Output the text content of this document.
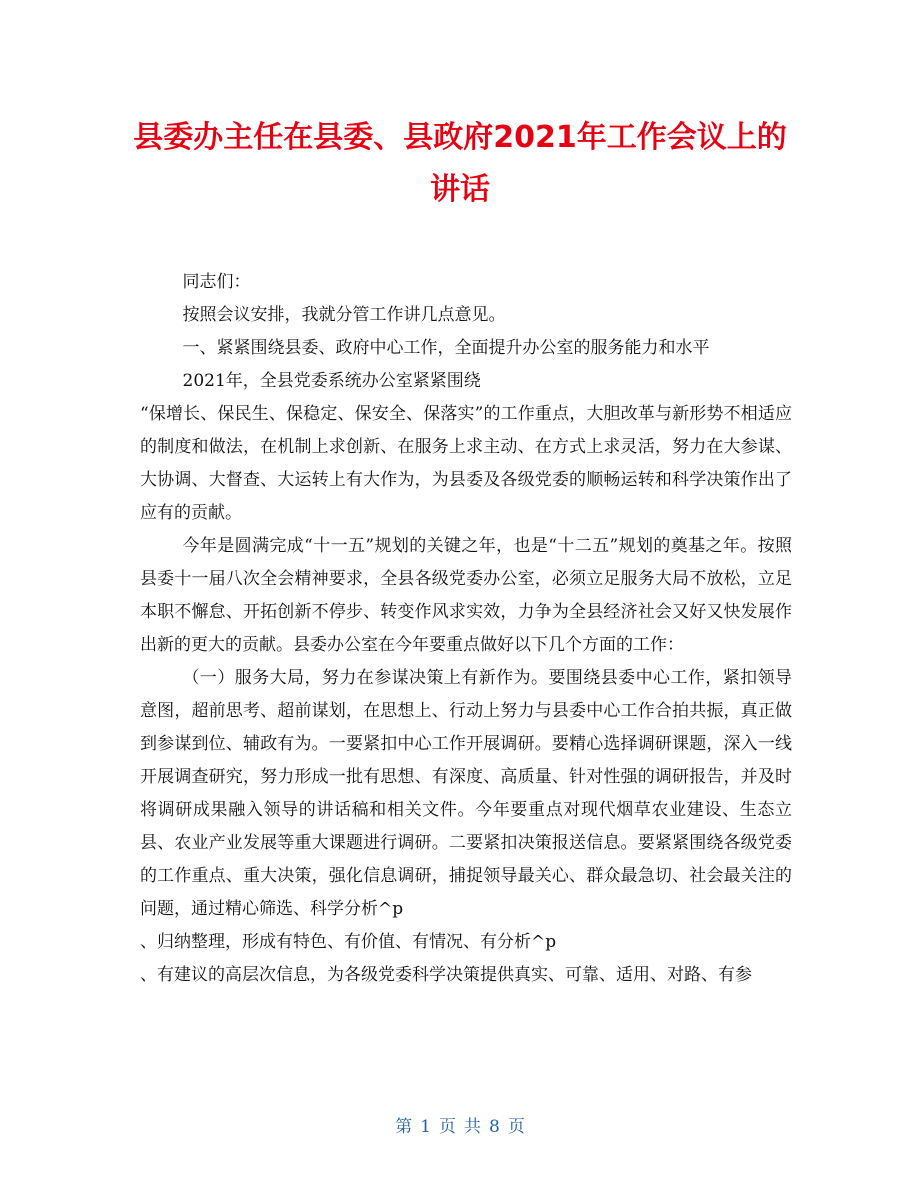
县委办主任在县委、县政府2021年工作会议上的讲话

同志们：

按照会议安排，我就分管工作讲几点意见。

一、紧紧围绕县委、政府中心工作，全面提升办公室的服务能力和水平

2021年，全县党委系统办公室紧紧围绕

“保增长、保民生、保稳定、保安全、保落实”的工作重点，大胆改革与新形势不相适应的制度和做法，在机制上求创新、在服务上求主动、在方式上求灵活，努力在大参谋、大协调、大督查、大运转上有大作为，为县委及各级党委的顺畅运转和科学决策作出了应有的贡献。

今年是圆满完成“十一五”规划的关键之年，也是“十二五”规划的奠基之年。按照县委十一届八次全会精神要求，全县各级党委办公室，必须立足服务大局不放松，立足本职不懈怠、开拓创新不停步、转变作风求实效，力争为全县经济社会又好又快发展作出新的更大的贡献。县委办公室在今年要重点做好以下几个方面的工作：

（一）服务大局，努力在参谋决策上有新作为。要围绕县委中心工作，紧扣领导意图，超前思考、超前谋划，在思想上、行动上努力与县委中心工作合拍共振，真正做到参谋到位、辅政有为。一要紧扣中心工作开展调研。要精心选择调研课题，深入一线开展调查研究，努力形成一批有思想、有深度、高质量、针对性强的调研报告，并及时将调研成果融入领导的讲话稿和相关文件。今年要重点对现代烟草农业建设、生态立县、农业产业发展等重大课题进行调研。二要紧扣决策报送信息。要紧紧围绕各级党委的工作重点、重大决策，强化信息调研，捕捉领导最关心、群众最急切、社会最关注的问题，通过精心筛选、科学分析^p

、归纳整理，形成有特色、有价值、有情况、有分析^p

、有建议的高层次信息，为各级党委科学决策提供真实、可靠、适用、对路、有参

第 1 页 共 8 页
